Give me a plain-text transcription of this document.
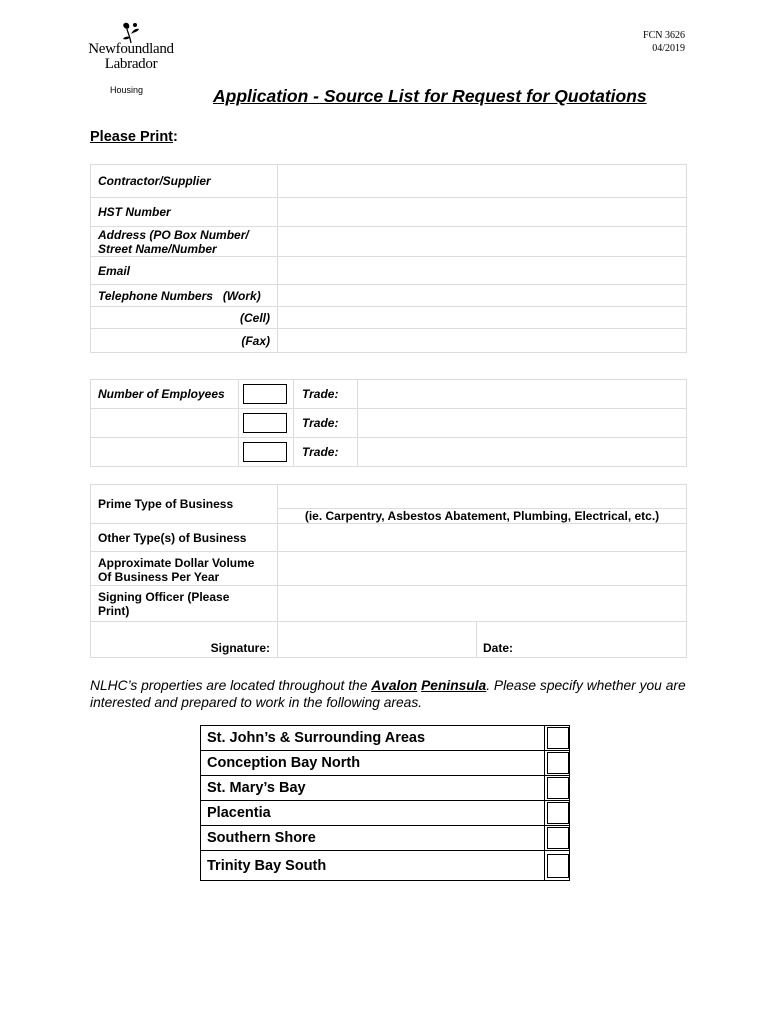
Newfoundland
Labrador
Housing
FCN 3626
04/2019
Application - Source List for Request for Quotations
Please Print:
Contractor/Supplier	
HST Number	

Address (PO Box Number/
Street Name/Number	

Email	
Telephone Numbers   (Work)	
(Cell)	
(Fax)	
Number of Employees		Trade:	

	Trade:	

	Trade:	
Prime Type of Business		
	(ie. Carpentry, Asbestos Abatement, Plumbing, Electrical, etc.)	
Other Type(s) of Business		

Approximate Dollar Volume
Of Business Per Year		

Signing Officer (Please
Print)		

Signature:		Date:
NLHC’s properties are located throughout the Avalon Peninsula. Please specify whether you are interested and prepared to work in the following areas.
St. John’s & Surrounding Areas	

Conception Bay North	

St. Mary’s Bay	

Placentia	

Southern Shore	

Trinity Bay South	
